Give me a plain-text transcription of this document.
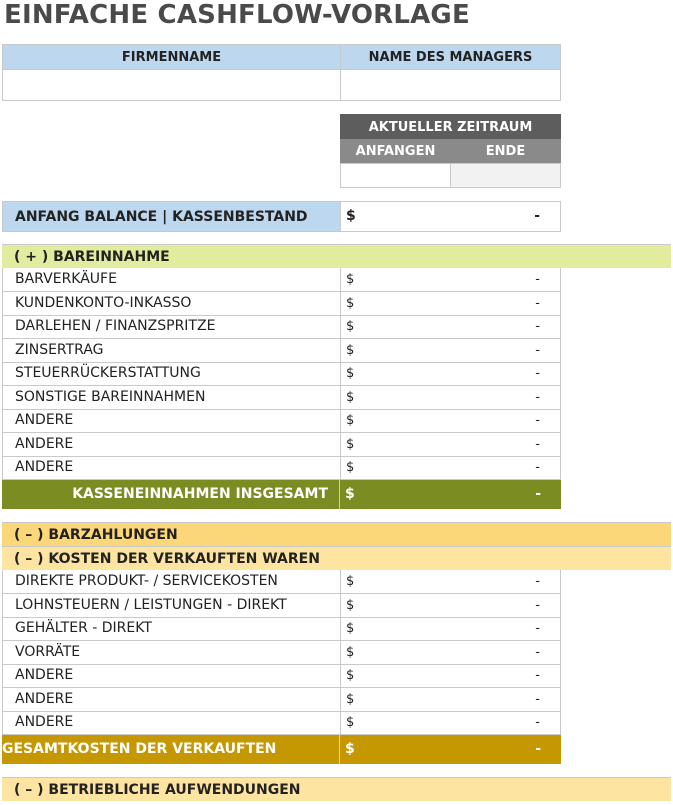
EINFACHE CASHFLOW-VORLAGE
FIRMENNAME	NAME DES MANAGERS
AKTUELLER ZEITRAUM
ANFANGEN	ENDE
ANFANG BALANCE | KASSENBESTAND	$	-
( + ) BAREINNAHME
BARVERKÄUFE	$	-
KUNDENKONTO-INKASSO	$	-
DARLEHEN / FINANZSPRITZE	$	-
ZINSERTRAG	$	-
STEUERRÜCKERSTATTUNG	$	-
SONSTIGE BAREINNAHMEN	$	-
ANDERE	$	-
ANDERE	$	-
ANDERE	$	-
KASSENEINNAHMEN INSGESAMT $	-
( – ) BARZAHLUNGEN
( – ) KOSTEN DER VERKAUFTEN WAREN
DIREKTE PRODUKT- / SERVICEKOSTEN	$	-
LOHNSTEUERN / LEISTUNGEN - DIREKT	$	-
GEHÄLTER - DIREKT	$	-
VORRÄTE	$	-
ANDERE	$	-
ANDERE	$	-
ANDERE	$	-
GESAMTKOSTEN DER VERKAUFTEN	$	-
( – ) BETRIEBLICHE AUFWENDUNGEN
